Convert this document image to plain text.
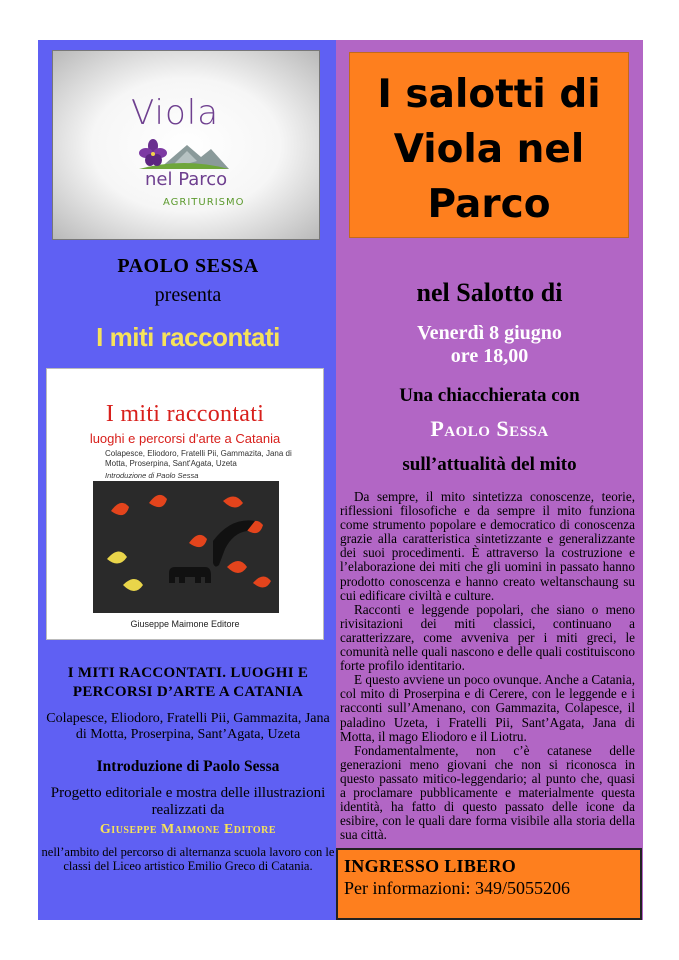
Viola
nel Parco
AGRITURISMO
PAOLO SESSA
presenta
I miti raccontati
I miti raccontati
luoghi e percorsi d'arte a Catania
Colapesce, Eliodoro, Fratelli Pii, Gammazita, Jana di Motta, Proserpina, Sant'Agata, Uzeta
Introduzione di Paolo Sessa
Giuseppe Maimone Editore
I MITI RACCONTATI. LUOGHI E PERCORSI D’ARTE A CATANIA
Colapesce, Eliodoro, Fratelli Pii, Gammazita, Jana di Motta, Proserpina, Sant’Agata, Uzeta
Introduzione di Paolo Sessa
Progetto editoriale e mostra delle illustrazioni realizzati da
Giuseppe Maimone Editore
nell’ambito del percorso di alternanza scuola lavoro con le classi del Liceo artistico Emilio Greco di Catania.
I salotti di Viola nel Parco
nel Salotto di
Venerdì 8 giugno
ore 18,00
Una chiacchierata con
Paolo Sessa
sull’attualità del mito

Da sempre, il mito sintetizza conoscenze, teorie, riflessioni filosofiche e da sempre il mito funziona come strumento popolare e democratico di conoscenza grazie alla caratteristica sintetizzante e generalizzante dei suoi procedimenti. È attraverso la costruzione e l’elaborazione dei miti che gli uomini in passato hanno prodotto conoscenza e hanno creato weltanschaung su cui edificare civiltà e culture.

Racconti e leggende popolari, che siano o meno rivisitazioni dei miti classici, continuano a caratterizzare, come avveniva per i miti greci, le comunità nelle quali nascono e delle quali costituiscono forte profilo identitario.

E questo avviene un poco ovunque. Anche a Catania, col mito di Proserpina e di Cerere, con le leggende e i racconti sull’Amenano, con Gammazita, Colapesce, il paladino Uzeta, i Fratelli Pii, Sant’Agata, Jana di Motta, il mago Eliodoro e il Liotru.

Fondamentalmente, non c’è catanese delle generazioni meno giovani che non si riconosca in questo passato mitico-leggendario; al punto che, quasi a proclamare pubblicamente e materialmente questa identità, ha fatto di questo passato delle icone da esibire, con le quali dare forma visibile alla storia della sua città.

INGRESSO LIBERO
Per informazioni: 349/5055206
